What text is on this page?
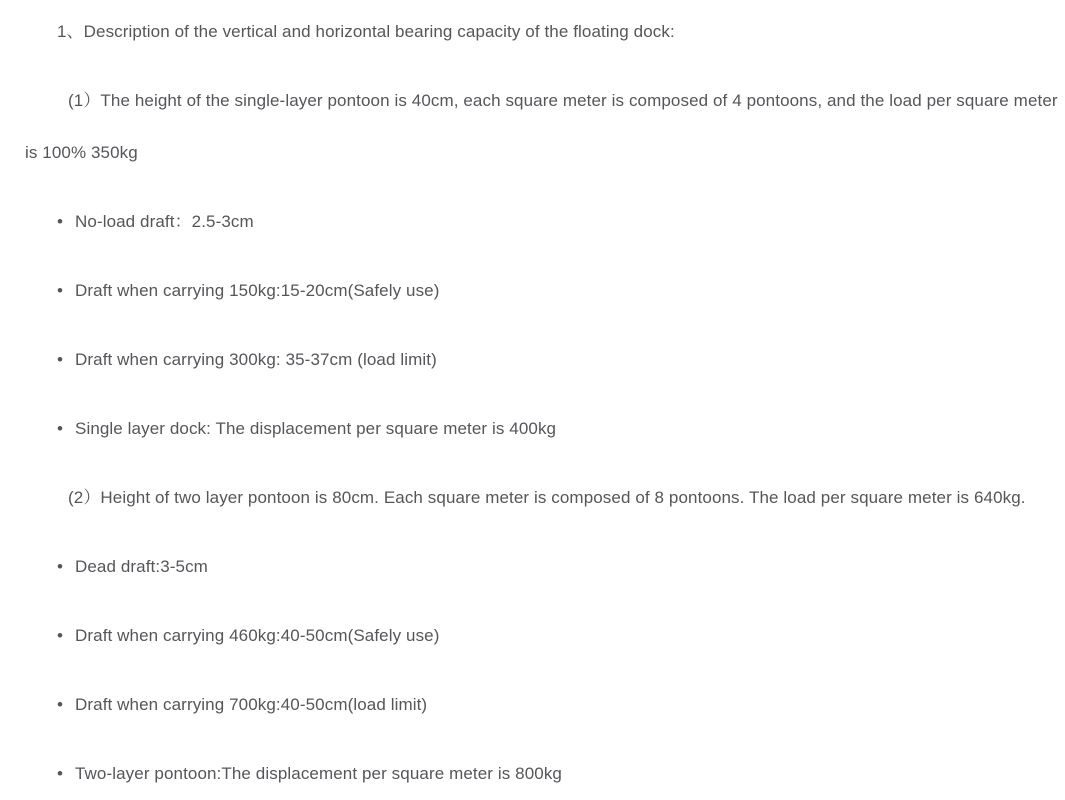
1、Description of the vertical and horizontal bearing capacity of the floating dock:

(1）The height of the single-layer pontoon is 40cm, each square meter is composed of 4 pontoons, and the load per square meter is 100% 350kg

• No-load draft：2.5-3cm

• Draft when carrying 150kg:15-20cm(Safely use)

• Draft when carrying 300kg: 35-37cm (load limit)

• Single layer dock: The displacement per square meter is 400kg

(2）Height of two layer pontoon is 80cm. Each square meter is composed of 8 pontoons. The load per square meter is 640kg.

• Dead draft:3-5cm

• Draft when carrying 460kg:40-50cm(Safely use)

• Draft when carrying 700kg:40-50cm(load limit)

• Two-layer pontoon:The displacement per square meter is 800kg
